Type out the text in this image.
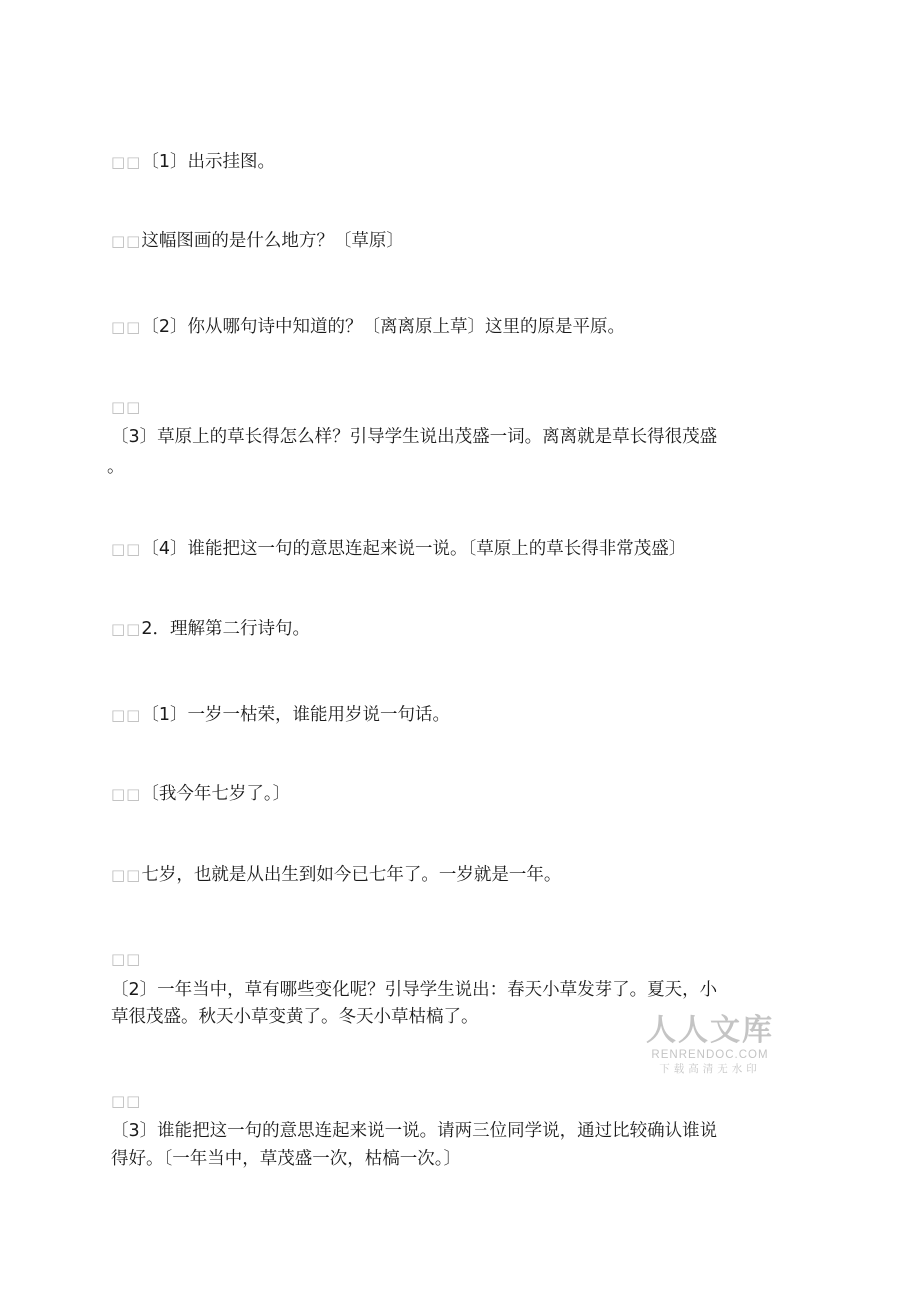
□□〔1〕出示挂图。
□□这幅图画的是什么地方？〔草原〕
□□〔2〕你从哪句诗中知道的？〔离离原上草〕这里的原是平原。
□□
〔3〕草原上的草长得怎么样？引导学生说出茂盛一词。离离就是草长得很茂盛
。
□□〔4〕谁能把这一句的意思连起来说一说。〔草原上的草长得非常茂盛〕
□□2．理解第二行诗句。
□□〔1〕一岁一枯荣，谁能用岁说一句话。
□□〔我今年七岁了。〕
□□七岁，也就是从出生到如今已七年了。一岁就是一年。
□□
〔2〕一年当中，草有哪些变化呢？引导学生说出：春天小草发芽了。夏天，小
草很茂盛。秋天小草变黄了。冬天小草枯槁了。
□□
〔3〕谁能把这一句的意思连起来说一说。请两三位同学说，通过比较确认谁说
得好。〔一年当中，草茂盛一次，枯槁一次。〕
人人文库
RENRENDOC.COM
下载高清无水印
